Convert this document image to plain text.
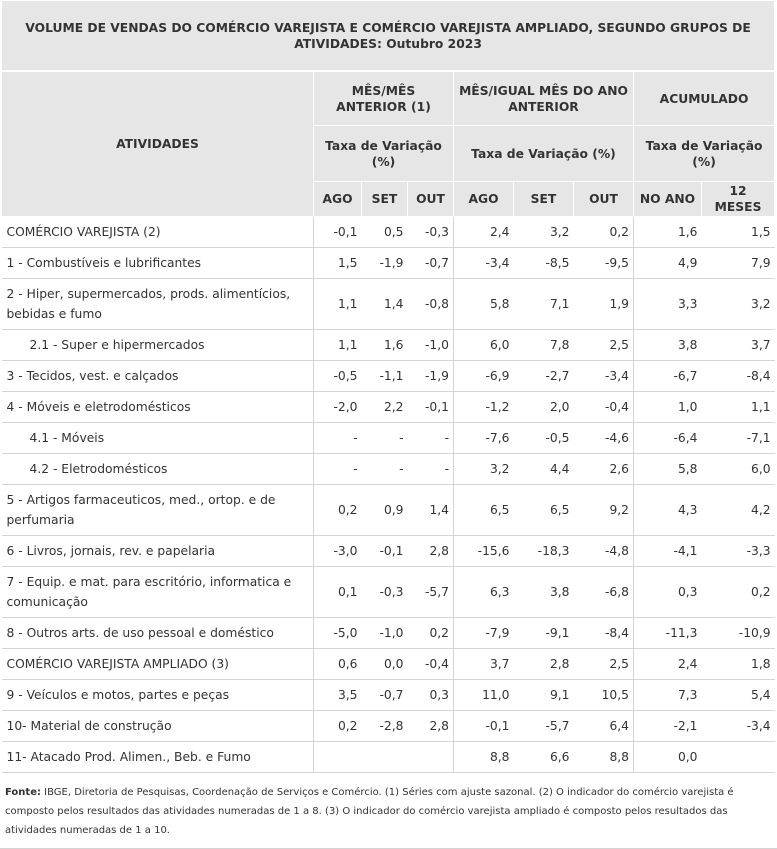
VOLUME DE VENDAS DO COMÉRCIO VAREJISTA E COMÉRCIO VAREJISTA AMPLIADO, SEGUNDO GRUPOS DE ATIVIDADES: Outubro 2023								
ATIVIDADES	MÊS/MÊS ANTERIOR (1)			MÊS/IGUAL MÊS DO ANO ANTERIOR			ACUMULADO	
	Taxa de Variação (%)			Taxa de Variação (%)			Taxa de Variação (%)	
	AGO	SET	OUT	AGO	SET	OUT	NO ANO	12 MESES
COMÉRCIO VAREJISTA (2)	-0,1	0,5	-0,3	2,4	3,2	0,2	1,6	1,5
1 - Combustíveis e lubrificantes	1,5	-1,9	-0,7	-3,4	-8,5	-9,5	4,9	7,9
2 - Hiper, supermercados, prods. alimentícios, bebidas e fumo	1,1	1,4	-0,8	5,8	7,1	1,9	3,3	3,2
2.1 - Super e hipermercados	1,1	1,6	-1,0	6,0	7,8	2,5	3,8	3,7
3 - Tecidos, vest. e calçados	-0,5	-1,1	-1,9	-6,9	-2,7	-3,4	-6,7	-8,4
4 - Móveis e eletrodomésticos	-2,0	2,2	-0,1	-1,2	2,0	-0,4	1,0	1,1
4.1 - Móveis	-	-	-	-7,6	-0,5	-4,6	-6,4	-7,1
4.2 - Eletrodomésticos	-	-	-	3,2	4,4	2,6	5,8	6,0
5 - Artigos farmaceuticos, med., ortop. e de perfumaria	0,2	0,9	1,4	6,5	6,5	9,2	4,3	4,2
6 - Livros, jornais, rev. e papelaria	-3,0	-0,1	2,8	-15,6	-18,3	-4,8	-4,1	-3,3
7 - Equip. e mat. para escritório, informatica e comunicação	0,1	-0,3	-5,7	6,3	3,8	-6,8	0,3	0,2
8 - Outros arts. de uso pessoal e doméstico	-5,0	-1,0	0,2	-7,9	-9,1	-8,4	-11,3	-10,9
COMÉRCIO VAREJISTA AMPLIADO (3)	0,6	0,0	-0,4	3,7	2,8	2,5	2,4	1,8
9 - Veículos e motos, partes e peças	3,5	-0,7	0,3	11,0	9,1	10,5	7,3	5,4
10- Material de construção	0,2	-2,8	2,8	-0,1	-5,7	6,4	-2,1	-3,4
11- Atacado Prod. Alimen., Beb. e Fumo				8,8	6,6	8,8	0,0	
Fonte: IBGE, Diretoria de Pesquisas, Coordenação de Serviços e Comércio. (1) Séries com ajuste sazonal. (2) O indicador do comércio varejista é composto pelos resultados das atividades numeradas de 1 a 8. (3) O indicador do comércio varejista ampliado é composto pelos resultados das atividades numeradas de 1 a 10.
